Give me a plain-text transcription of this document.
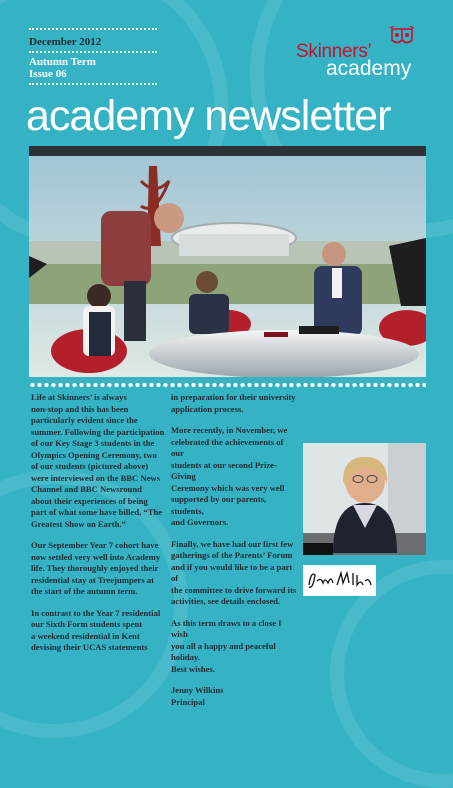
December 2012
Autumn Term
Issue 06
Skinners’
academy
academy newsletter

Life at Skinners’ is always
non-stop and this has been
particularly evident since the
summer. Following the participation
of our Key Stage 3 students in the
Olympics Opening Ceremony, two
of our students (pictured above)
were interviewed on the BBC News
Channel and BBC Newsround
about their experiences of being
part of what some have billed, “The
Greatest Show on Earth.”

Our September Year 7 cohort have
now settled very well into Academy
life. They thoroughly enjoyed their
residential stay at Treejumpers at
the start of the autumn term.

In contrast to the Year 7 residential
our Sixth Form students spent
a weekend residential in Kent
devising their UCAS statements

in preparation for their university
application process.

More recently, in November, we
celebrated the achievements of our
students at our second Prize-Giving
Ceremony which was very well
supported by our parents, students,
and Governors.

Finally, we have had our first few
gatherings of the Parents’ Forum
and if you would like to be a part of
the committee to drive forward its
activities, see details enclosed.

As this term draws to a close I wish
you all a happy and peaceful holiday.
Best wishes.

Jenny Wilkins
Principal
